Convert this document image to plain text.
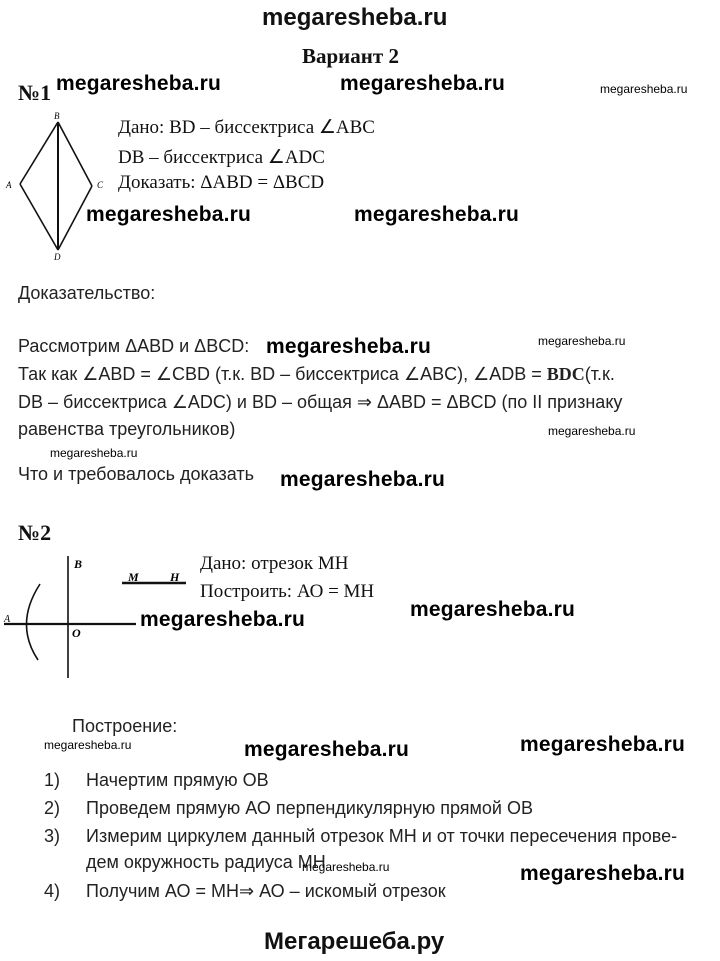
megaresheba.ru
Вариант 2
№1 megaresheba.ru	megaresheba.ru	megaresheba.ru
B
A	C
D
Дано: BD – биссектриса ∠ABC
DB – биссектриса ∠ADC
Доказать: ΔABD = ΔBCD
megaresheba.ru	megaresheba.ru
Доказательство:
Рассмотрим ΔABD и ΔBCD: megaresheba.ru	megaresheba.ru
Так как ∠ABD = ∠CBD (т.к. BD – биссектриса ∠ABC), ∠ADB = BDC(т.к.
DB – биссектриса ∠ADC) и BD – общая ⇒ ΔABD = ΔBCD (по II признаку
равенства треугольников)	megaresheba.ru
megaresheba.ru
Что и требовалось доказать megaresheba.ru
№2
B
O
A
M	H
Дано: отрезок МН
Построить: АО = МН
megaresheba.ru
megaresheba.ru
Построение:
megaresheba.ru	megaresheba.ru	megaresheba.ru
1) Начертим прямую ОВ
2) Проведем прямую АО перпендикулярную прямой ОВ
3) Измерим циркулем данный отрезок МН и от точки пересечения прове-
дем окружность радиуса МН
megaresheba.ru	megaresheba.ru
4) Получим АО = МН⇒ АО – искомый отрезок
Мегарешеба.ру
